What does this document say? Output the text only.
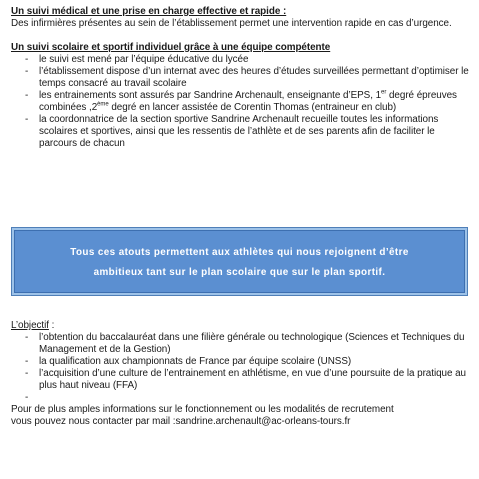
Un suivi médical et une prise en charge effective et rapide :

Des infirmières présentes au sein de l’établissement permet une intervention rapide en cas d’urgence.

Un suivi scolaire et sportif individuel grâce à une équipe compétente

- le suivi est mené par l’équipe éducative du lycée
- l’établissement dispose d’un internat avec des heures d’études surveillées permettant d’optimiser le temps consacré au travail scolaire
- les entrainements sont assurés par Sandrine Archenault, enseignante d’EPS, 1er degré épreuves combinées ,2ème degré en lancer assistée de Corentin Thomas (entraineur en club)
- la coordonnatrice de la section sportive Sandrine Archenault recueille toutes les informations scolaires et sportives, ainsi que les ressentis de l’athlète et de ses parents afin de faciliter le parcours de chacun
Tous ces atouts permettent aux athlètes qui nous rejoignent d’être
ambitieux tant sur le plan scolaire que sur le plan sportif.

L’objectif :

- l’obtention du baccalauréat dans une filière générale ou technologique (Sciences et Techniques du Management et de la Gestion)
- la qualification aux championnats de France par équipe scolaire (UNSS)
- l’acquisition d’une culture de l’entrainement en athlétisme, en vue d’une poursuite de la pratique au plus haut niveau (FFA)
-

Pour de plus amples informations sur le fonctionnement ou les modalités de recrutement

vous pouvez nous contacter par mail :sandrine.archenault@ac-orleans-tours.fr
